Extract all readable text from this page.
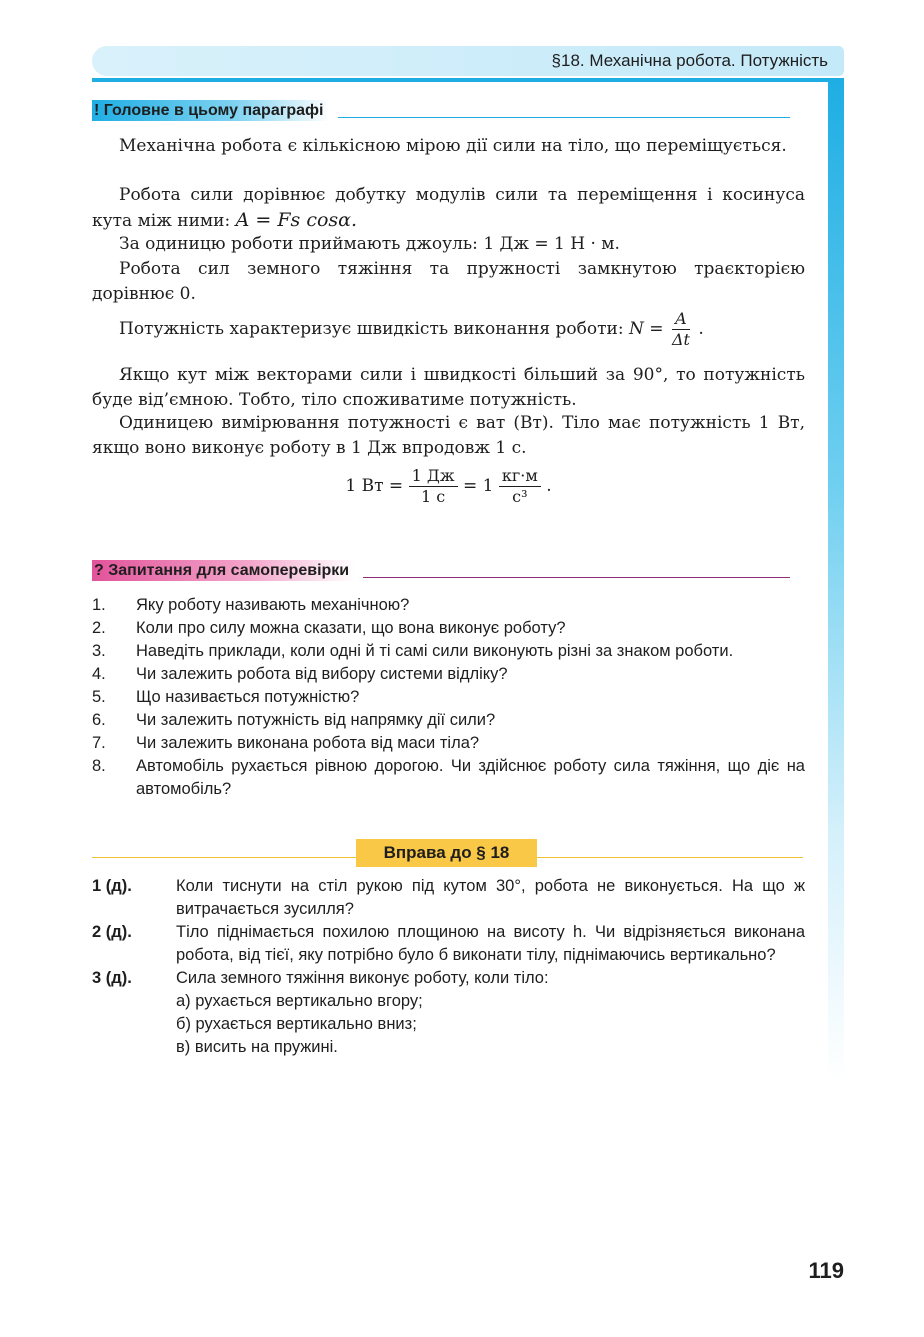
§18. Механічна робота. Потужність
! Головне в цьому параграфі
Механічна робота є кількісною мірою дії сили на тіло, що переміщується.
Робота сили дорівнює добутку модулів сили та переміщення і косинуса кута між ними: A = Fs cosα.
За одиницю роботи приймають джоуль: 1 Дж = 1 Н · м.
Робота сил земного тяжіння та пружності замкнутою траєкторією дорівнює 0.
Потужність характеризує швидкість виконання роботи: $N = \frac{A}{\Delta t}$ .
Якщо кут між векторами сили і швидкості більший за 90°, то потужність буде від’ємною. Тобто, тіло споживатиме потужність.
Одиницею вимірювання потужності є ват (Вт). Тіло має потужність 1 Вт, якщо воно виконує роботу в 1 Дж впродовж 1 с.
1 Вт = $\frac{1 Дж}{1 с} = 1 \frac{кг\cdot м}{\text{с³}}$ .
? Запитання для самоперевірки
1.	Яку роботу називають механічною?
2.	Коли про силу можна сказати, що вона виконує роботу?
3.	Наведіть приклади, коли одні й ті самі сили виконують різні за знаком роботи.
4.	Чи залежить робота від вибору системи відліку?
5.	Що називається потужністю?
6.	Чи залежить потужність від напрямку дії сили?
7.	Чи залежить виконана робота від маси тіла?
8.	Автомобіль рухається рівною дорогою. Чи здійснює роботу сила тяжіння, що діє на автомобіль?
Вправа до § 18
1 (д).	Коли тиснути на стіл рукою під кутом 30°, робота не виконується. На що ж витрачається зусилля?
2 (д).	Тіло піднімається похилою площиною на висоту h. Чи відрізняється виконана робота, від тієї, яку потрібно було б виконати тілу, піднімаючись вертикально?
3 (д).	Сила земного тяжіння виконує роботу, коли тіло:
а) рухається вертикально вгору;
б) рухається вертикально вниз;
в) висить на пружині.
119
